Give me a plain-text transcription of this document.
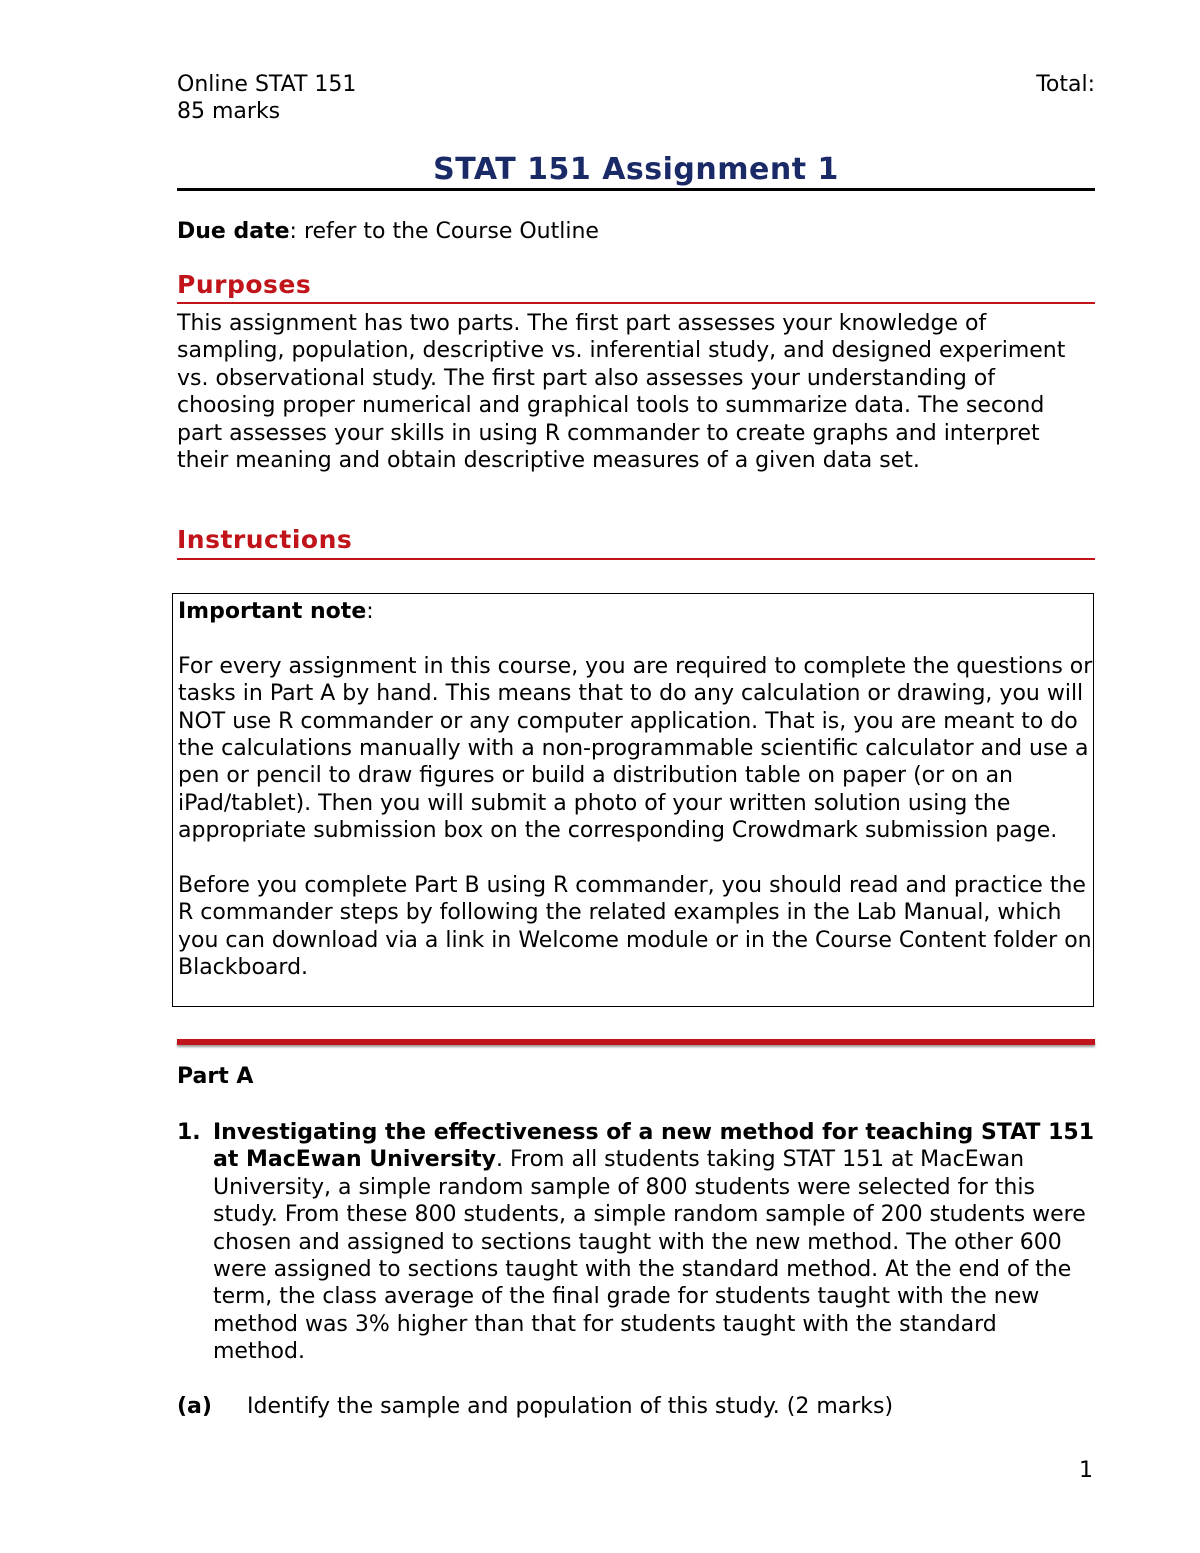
Online STAT 151	Total:
85 marks
STAT 151 Assignment 1
Due date: refer to the Course Outline
Purposes

This assignment has two parts. The first part assesses your knowledge of sampling, population, descriptive vs. inferential study, and designed experiment vs. observational study. The first part also assesses your understanding of choosing proper numerical and graphical tools to summarize data. The second part assesses your skills in using R commander to create graphs and interpret their meaning and obtain descriptive measures of a given data set.

Instructions

Important note:

For every assignment in this course, you are required to complete the questions or tasks in Part A by hand. This means that to do any calculation or drawing, you will NOT use R commander or any computer application. That is, you are meant to do the calculations manually with a non-programmable scientific calculator and use a pen or pencil to draw figures or build a distribution table on paper (or on an iPad/tablet). Then you will submit a photo of your written solution using the appropriate submission box on the corresponding Crowdmark submission page.

Before you complete Part B using R commander, you should read and practice the R commander steps by following the related examples in the Lab Manual, which you can download via a link in Welcome module or in the Course Content folder on Blackboard.

Part A
1. Investigating the effectiveness of a new method for teaching STAT 151 at MacEwan University. From all students taking STAT 151 at MacEwan University, a simple random sample of 800 students were selected for this study. From these 800 students, a simple random sample of 200 students were chosen and assigned to sections taught with the new method. The other 600 were assigned to sections taught with the standard method. At the end of the term, the class average of the final grade for students taught with the new method was 3% higher than that for students taught with the standard method.

(a) Identify the sample and population of this study. (2 marks)
1
